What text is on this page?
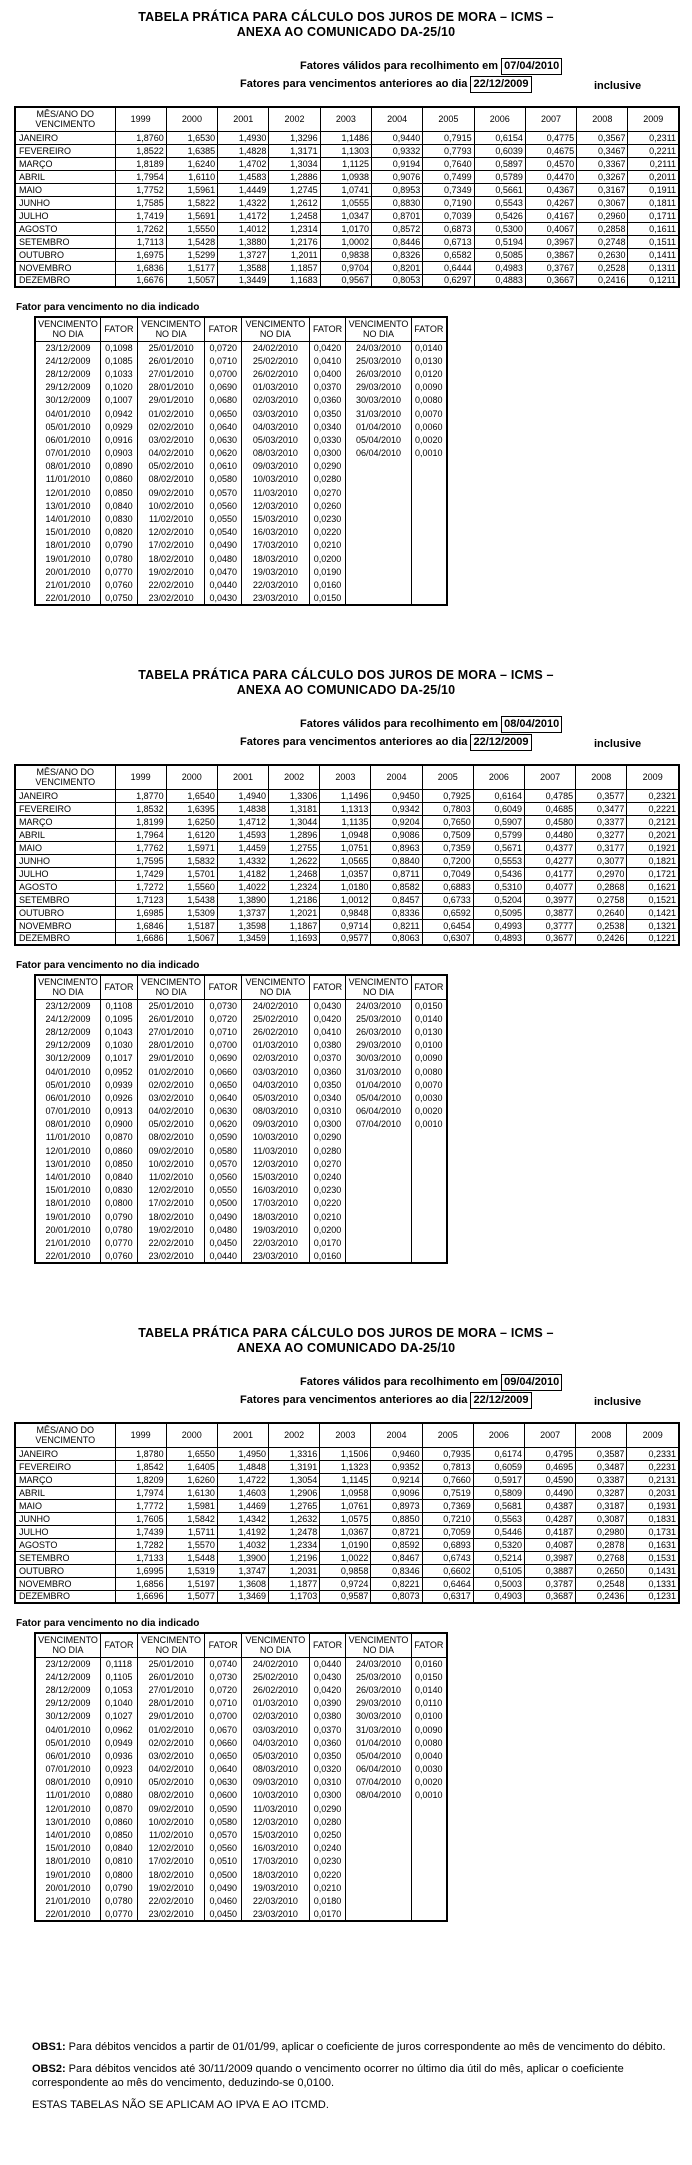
TABELA PRÁTICA PARA CÁLCULO DOS JUROS DE MORA – ICMS –
ANEXA AO COMUNICADO DA-25/10
Fatores válidos para recolhimento em 07/04/2010
Fatores para vencimentos anteriores ao dia 22/12/2009	inclusive
MÊS/ANO DO VENCIMENTO	1999	2000	2001	2002	2003	2004	2005	2006	2007	2008	2009
JANEIRO	1,8760	1,6530	1,4930	1,3296	1,1486	0,9440	0,7915	0,6154	0,4775	0,3567	0,2311
FEVEREIRO	1,8522	1,6385	1,4828	1,3171	1,1303	0,9332	0,7793	0,6039	0,4675	0,3467	0,2211
MARÇO	1,8189	1,6240	1,4702	1,3034	1,1125	0,9194	0,7640	0,5897	0,4570	0,3367	0,2111
ABRIL	1,7954	1,6110	1,4583	1,2886	1,0938	0,9076	0,7499	0,5789	0,4470	0,3267	0,2011
MAIO	1,7752	1,5961	1,4449	1,2745	1,0741	0,8953	0,7349	0,5661	0,4367	0,3167	0,1911
JUNHO	1,7585	1,5822	1,4322	1,2612	1,0555	0,8830	0,7190	0,5543	0,4267	0,3067	0,1811
JULHO	1,7419	1,5691	1,4172	1,2458	1,0347	0,8701	0,7039	0,5426	0,4167	0,2960	0,1711
AGOSTO	1,7262	1,5550	1,4012	1,2314	1,0170	0,8572	0,6873	0,5300	0,4067	0,2858	0,1611
SETEMBRO	1,7113	1,5428	1,3880	1,2176	1,0002	0,8446	0,6713	0,5194	0,3967	0,2748	0,1511
OUTUBRO	1,6975	1,5299	1,3727	1,2011	0,9838	0,8326	0,6582	0,5085	0,3867	0,2630	0,1411
NOVEMBRO	1,6836	1,5177	1,3588	1,1857	0,9704	0,8201	0,6444	0,4983	0,3767	0,2528	0,1311
DEZEMBRO	1,6676	1,5057	1,3449	1,1683	0,9567	0,8053	0,6297	0,4883	0,3667	0,2416	0,1211
Fator para vencimento no dia indicado
VENCIMENTO NO DIA	FATOR	VENCIMENTO NO DIA	FATOR	VENCIMENTO NO DIA	FATOR	VENCIMENTO NO DIA	FATOR
23/12/2009	0,1098	25/01/2010	0,0720	24/02/2010	0,0420	24/03/2010	0,0140
24/12/2009	0,1085	26/01/2010	0,0710	25/02/2010	0,0410	25/03/2010	0,0130
28/12/2009	0,1033	27/01/2010	0,0700	26/02/2010	0,0400	26/03/2010	0,0120
29/12/2009	0,1020	28/01/2010	0,0690	01/03/2010	0,0370	29/03/2010	0,0090
30/12/2009	0,1007	29/01/2010	0,0680	02/03/2010	0,0360	30/03/2010	0,0080
04/01/2010	0,0942	01/02/2010	0,0650	03/03/2010	0,0350	31/03/2010	0,0070
05/01/2010	0,0929	02/02/2010	0,0640	04/03/2010	0,0340	01/04/2010	0,0060
06/01/2010	0,0916	03/02/2010	0,0630	05/03/2010	0,0330	05/04/2010	0,0020
07/01/2010	0,0903	04/02/2010	0,0620	08/03/2010	0,0300	06/04/2010	0,0010
08/01/2010	0,0890	05/02/2010	0,0610	09/03/2010	0,0290		
11/01/2010	0,0860	08/02/2010	0,0580	10/03/2010	0,0280		
12/01/2010	0,0850	09/02/2010	0,0570	11/03/2010	0,0270		
13/01/2010	0,0840	10/02/2010	0,0560	12/03/2010	0,0260		
14/01/2010	0,0830	11/02/2010	0,0550	15/03/2010	0,0230		
15/01/2010	0,0820	12/02/2010	0,0540	16/03/2010	0,0220		
18/01/2010	0,0790	17/02/2010	0,0490	17/03/2010	0,0210		
19/01/2010	0,0780	18/02/2010	0,0480	18/03/2010	0,0200		
20/01/2010	0,0770	19/02/2010	0,0470	19/03/2010	0,0190		
21/01/2010	0,0760	22/02/2010	0,0440	22/03/2010	0,0160		
22/01/2010	0,0750	23/02/2010	0,0430	23/03/2010	0,0150		
TABELA PRÁTICA PARA CÁLCULO DOS JUROS DE MORA – ICMS –
ANEXA AO COMUNICADO DA-25/10
Fatores válidos para recolhimento em 08/04/2010
Fatores para vencimentos anteriores ao dia 22/12/2009	inclusive
MÊS/ANO DO VENCIMENTO	1999	2000	2001	2002	2003	2004	2005	2006	2007	2008	2009
JANEIRO	1,8770	1,6540	1,4940	1,3306	1,1496	0,9450	0,7925	0,6164	0,4785	0,3577	0,2321
FEVEREIRO	1,8532	1,6395	1,4838	1,3181	1,1313	0,9342	0,7803	0,6049	0,4685	0,3477	0,2221
MARÇO	1,8199	1,6250	1,4712	1,3044	1,1135	0,9204	0,7650	0,5907	0,4580	0,3377	0,2121
ABRIL	1,7964	1,6120	1,4593	1,2896	1,0948	0,9086	0,7509	0,5799	0,4480	0,3277	0,2021
MAIO	1,7762	1,5971	1,4459	1,2755	1,0751	0,8963	0,7359	0,5671	0,4377	0,3177	0,1921
JUNHO	1,7595	1,5832	1,4332	1,2622	1,0565	0,8840	0,7200	0,5553	0,4277	0,3077	0,1821
JULHO	1,7429	1,5701	1,4182	1,2468	1,0357	0,8711	0,7049	0,5436	0,4177	0,2970	0,1721
AGOSTO	1,7272	1,5560	1,4022	1,2324	1,0180	0,8582	0,6883	0,5310	0,4077	0,2868	0,1621
SETEMBRO	1,7123	1,5438	1,3890	1,2186	1,0012	0,8457	0,6733	0,5204	0,3977	0,2758	0,1521
OUTUBRO	1,6985	1,5309	1,3737	1,2021	0,9848	0,8336	0,6592	0,5095	0,3877	0,2640	0,1421
NOVEMBRO	1,6846	1,5187	1,3598	1,1867	0,9714	0,8211	0,6454	0,4993	0,3777	0,2538	0,1321
DEZEMBRO	1,6686	1,5067	1,3459	1,1693	0,9577	0,8063	0,6307	0,4893	0,3677	0,2426	0,1221
Fator para vencimento no dia indicado
VENCIMENTO NO DIA	FATOR	VENCIMENTO NO DIA	FATOR	VENCIMENTO NO DIA	FATOR	VENCIMENTO NO DIA	FATOR
23/12/2009	0,1108	25/01/2010	0,0730	24/02/2010	0,0430	24/03/2010	0,0150
24/12/2009	0,1095	26/01/2010	0,0720	25/02/2010	0,0420	25/03/2010	0,0140
28/12/2009	0,1043	27/01/2010	0,0710	26/02/2010	0,0410	26/03/2010	0,0130
29/12/2009	0,1030	28/01/2010	0,0700	01/03/2010	0,0380	29/03/2010	0,0100
30/12/2009	0,1017	29/01/2010	0,0690	02/03/2010	0,0370	30/03/2010	0,0090
04/01/2010	0,0952	01/02/2010	0,0660	03/03/2010	0,0360	31/03/2010	0,0080
05/01/2010	0,0939	02/02/2010	0,0650	04/03/2010	0,0350	01/04/2010	0,0070
06/01/2010	0,0926	03/02/2010	0,0640	05/03/2010	0,0340	05/04/2010	0,0030
07/01/2010	0,0913	04/02/2010	0,0630	08/03/2010	0,0310	06/04/2010	0,0020
08/01/2010	0,0900	05/02/2010	0,0620	09/03/2010	0,0300	07/04/2010	0,0010
11/01/2010	0,0870	08/02/2010	0,0590	10/03/2010	0,0290		
12/01/2010	0,0860	09/02/2010	0,0580	11/03/2010	0,0280		
13/01/2010	0,0850	10/02/2010	0,0570	12/03/2010	0,0270		
14/01/2010	0,0840	11/02/2010	0,0560	15/03/2010	0,0240		
15/01/2010	0,0830	12/02/2010	0,0550	16/03/2010	0,0230		
18/01/2010	0,0800	17/02/2010	0,0500	17/03/2010	0,0220		
19/01/2010	0,0790	18/02/2010	0,0490	18/03/2010	0,0210		
20/01/2010	0,0780	19/02/2010	0,0480	19/03/2010	0,0200		
21/01/2010	0,0770	22/02/2010	0,0450	22/03/2010	0,0170		
22/01/2010	0,0760	23/02/2010	0,0440	23/03/2010	0,0160		
TABELA PRÁTICA PARA CÁLCULO DOS JUROS DE MORA – ICMS –
ANEXA AO COMUNICADO DA-25/10
Fatores válidos para recolhimento em 09/04/2010
Fatores para vencimentos anteriores ao dia 22/12/2009	inclusive
MÊS/ANO DO VENCIMENTO	1999	2000	2001	2002	2003	2004	2005	2006	2007	2008	2009
JANEIRO	1,8780	1,6550	1,4950	1,3316	1,1506	0,9460	0,7935	0,6174	0,4795	0,3587	0,2331
FEVEREIRO	1,8542	1,6405	1,4848	1,3191	1,1323	0,9352	0,7813	0,6059	0,4695	0,3487	0,2231
MARÇO	1,8209	1,6260	1,4722	1,3054	1,1145	0,9214	0,7660	0,5917	0,4590	0,3387	0,2131
ABRIL	1,7974	1,6130	1,4603	1,2906	1,0958	0,9096	0,7519	0,5809	0,4490	0,3287	0,2031
MAIO	1,7772	1,5981	1,4469	1,2765	1,0761	0,8973	0,7369	0,5681	0,4387	0,3187	0,1931
JUNHO	1,7605	1,5842	1,4342	1,2632	1,0575	0,8850	0,7210	0,5563	0,4287	0,3087	0,1831
JULHO	1,7439	1,5711	1,4192	1,2478	1,0367	0,8721	0,7059	0,5446	0,4187	0,2980	0,1731
AGOSTO	1,7282	1,5570	1,4032	1,2334	1,0190	0,8592	0,6893	0,5320	0,4087	0,2878	0,1631
SETEMBRO	1,7133	1,5448	1,3900	1,2196	1,0022	0,8467	0,6743	0,5214	0,3987	0,2768	0,1531
OUTUBRO	1,6995	1,5319	1,3747	1,2031	0,9858	0,8346	0,6602	0,5105	0,3887	0,2650	0,1431
NOVEMBRO	1,6856	1,5197	1,3608	1,1877	0,9724	0,8221	0,6464	0,5003	0,3787	0,2548	0,1331
DEZEMBRO	1,6696	1,5077	1,3469	1,1703	0,9587	0,8073	0,6317	0,4903	0,3687	0,2436	0,1231
Fator para vencimento no dia indicado
VENCIMENTO NO DIA	FATOR	VENCIMENTO NO DIA	FATOR	VENCIMENTO NO DIA	FATOR	VENCIMENTO NO DIA	FATOR
23/12/2009	0,1118	25/01/2010	0,0740	24/02/2010	0,0440	24/03/2010	0,0160
24/12/2009	0,1105	26/01/2010	0,0730	25/02/2010	0,0430	25/03/2010	0,0150
28/12/2009	0,1053	27/01/2010	0,0720	26/02/2010	0,0420	26/03/2010	0,0140
29/12/2009	0,1040	28/01/2010	0,0710	01/03/2010	0,0390	29/03/2010	0,0110
30/12/2009	0,1027	29/01/2010	0,0700	02/03/2010	0,0380	30/03/2010	0,0100
04/01/2010	0,0962	01/02/2010	0,0670	03/03/2010	0,0370	31/03/2010	0,0090
05/01/2010	0,0949	02/02/2010	0,0660	04/03/2010	0,0360	01/04/2010	0,0080
06/01/2010	0,0936	03/02/2010	0,0650	05/03/2010	0,0350	05/04/2010	0,0040
07/01/2010	0,0923	04/02/2010	0,0640	08/03/2010	0,0320	06/04/2010	0,0030
08/01/2010	0,0910	05/02/2010	0,0630	09/03/2010	0,0310	07/04/2010	0,0020
11/01/2010	0,0880	08/02/2010	0,0600	10/03/2010	0,0300	08/04/2010	0,0010
12/01/2010	0,0870	09/02/2010	0,0590	11/03/2010	0,0290		
13/01/2010	0,0860	10/02/2010	0,0580	12/03/2010	0,0280		
14/01/2010	0,0850	11/02/2010	0,0570	15/03/2010	0,0250		
15/01/2010	0,0840	12/02/2010	0,0560	16/03/2010	0,0240		
18/01/2010	0,0810	17/02/2010	0,0510	17/03/2010	0,0230		
19/01/2010	0,0800	18/02/2010	0,0500	18/03/2010	0,0220		
20/01/2010	0,0790	19/02/2010	0,0490	19/03/2010	0,0210		
21/01/2010	0,0780	22/02/2010	0,0460	22/03/2010	0,0180		
22/01/2010	0,0770	23/02/2010	0,0450	23/03/2010	0,0170		

OBS1: Para débitos vencidos a partir de 01/01/99, aplicar o coeficiente de juros correspondente ao mês de vencimento do débito.

OBS2: Para débitos vencidos até 30/11/2009 quando o vencimento ocorrer no último dia útil do mês, aplicar o coeficiente correspondente ao mês do vencimento, deduzindo-se 0,0100.

ESTAS TABELAS NÃO SE APLICAM AO IPVA E AO ITCMD.
